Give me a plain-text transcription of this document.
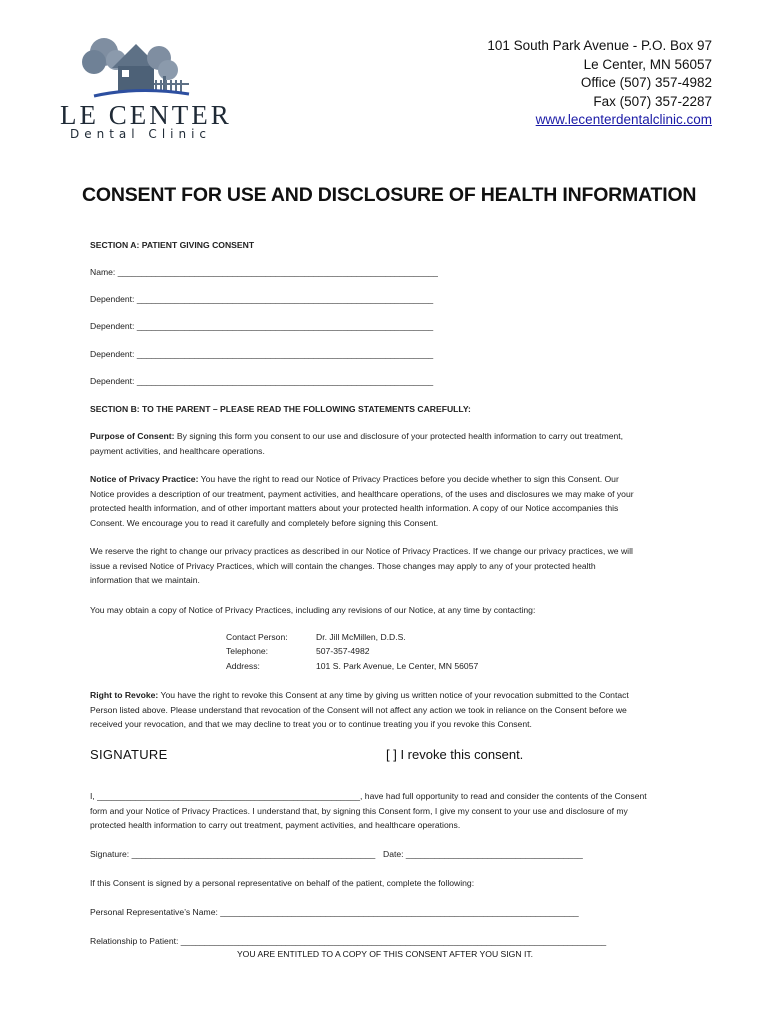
LE CENTER
Dental Clinic
101 South Park Avenue - P.O. Box 97
Le Center, MN 56057
Office (507) 357-4982
Fax (507) 357-2287
www.lecenterdentalclinic.com
CONSENT FOR USE AND DISCLOSURE OF HEALTH INFORMATION
SECTION A: PATIENT GIVING CONSENT
Name: ___________________________________________________________________
Dependent: ______________________________________________________________
Dependent: ______________________________________________________________
Dependent: ______________________________________________________________
Dependent: ______________________________________________________________
SECTION B: TO THE PARENT – PLEASE READ THE FOLLOWING STATEMENTS CAREFULLY:
Purpose of Consent: By signing this form you consent to our use and disclosure of your protected health information to carry out treatment,
payment activities, and healthcare operations.
Notice of Privacy Practice: You have the right to read our Notice of Privacy Practices before you decide whether to sign this Consent. Our
Notice provides a description of our treatment, payment activities, and healthcare operations, of the uses and disclosures we may make of your
protected health information, and of other important matters about your protected health information. A copy of our Notice accompanies this
Consent. We encourage you to read it carefully and completely before signing this Consent.
We reserve the right to change our privacy practices as described in our Notice of Privacy Practices. If we change our privacy practices, we will
issue a revised Notice of Privacy Practices, which will contain the changes. Those changes may apply to any of your protected health
information that we maintain.
You may obtain a copy of Notice of Privacy Practices, including any revisions of our Notice, at any time by contacting:
Contact Person:
Telephone:
Address:
Dr. Jill McMillen, D.D.S.
507-357-4982
101 S. Park Avenue, Le Center, MN 56057
Right to Revoke: You have the right to revoke this Consent at any time by giving us written notice of your revocation submitted to the Contact
Person listed above. Please understand that revocation of the Consent will not affect any action we took in reliance on the Consent before we
received your revocation, and that we may decline to treat you or to continue treating you if you revoke this Consent.
SIGNATURE	[ ] I revoke this consent.
I, _______________________________________________________, have had full opportunity to read and consider the contents of the Consent
form and your Notice of Privacy Practices. I understand that, by signing this Consent form, I give my consent to your use and disclosure of my
protected health information to carry out treatment, payment activities, and healthcare operations.
Signature: ___________________________________________________ Date: _____________________________________
If this Consent is signed by a personal representative on behalf of the patient, complete the following:
Personal Representative’s Name: ___________________________________________________________________________
Relationship to Patient: _________________________________________________________________________________________
YOU ARE ENTITLED TO A COPY OF THIS CONSENT AFTER YOU SIGN IT.
